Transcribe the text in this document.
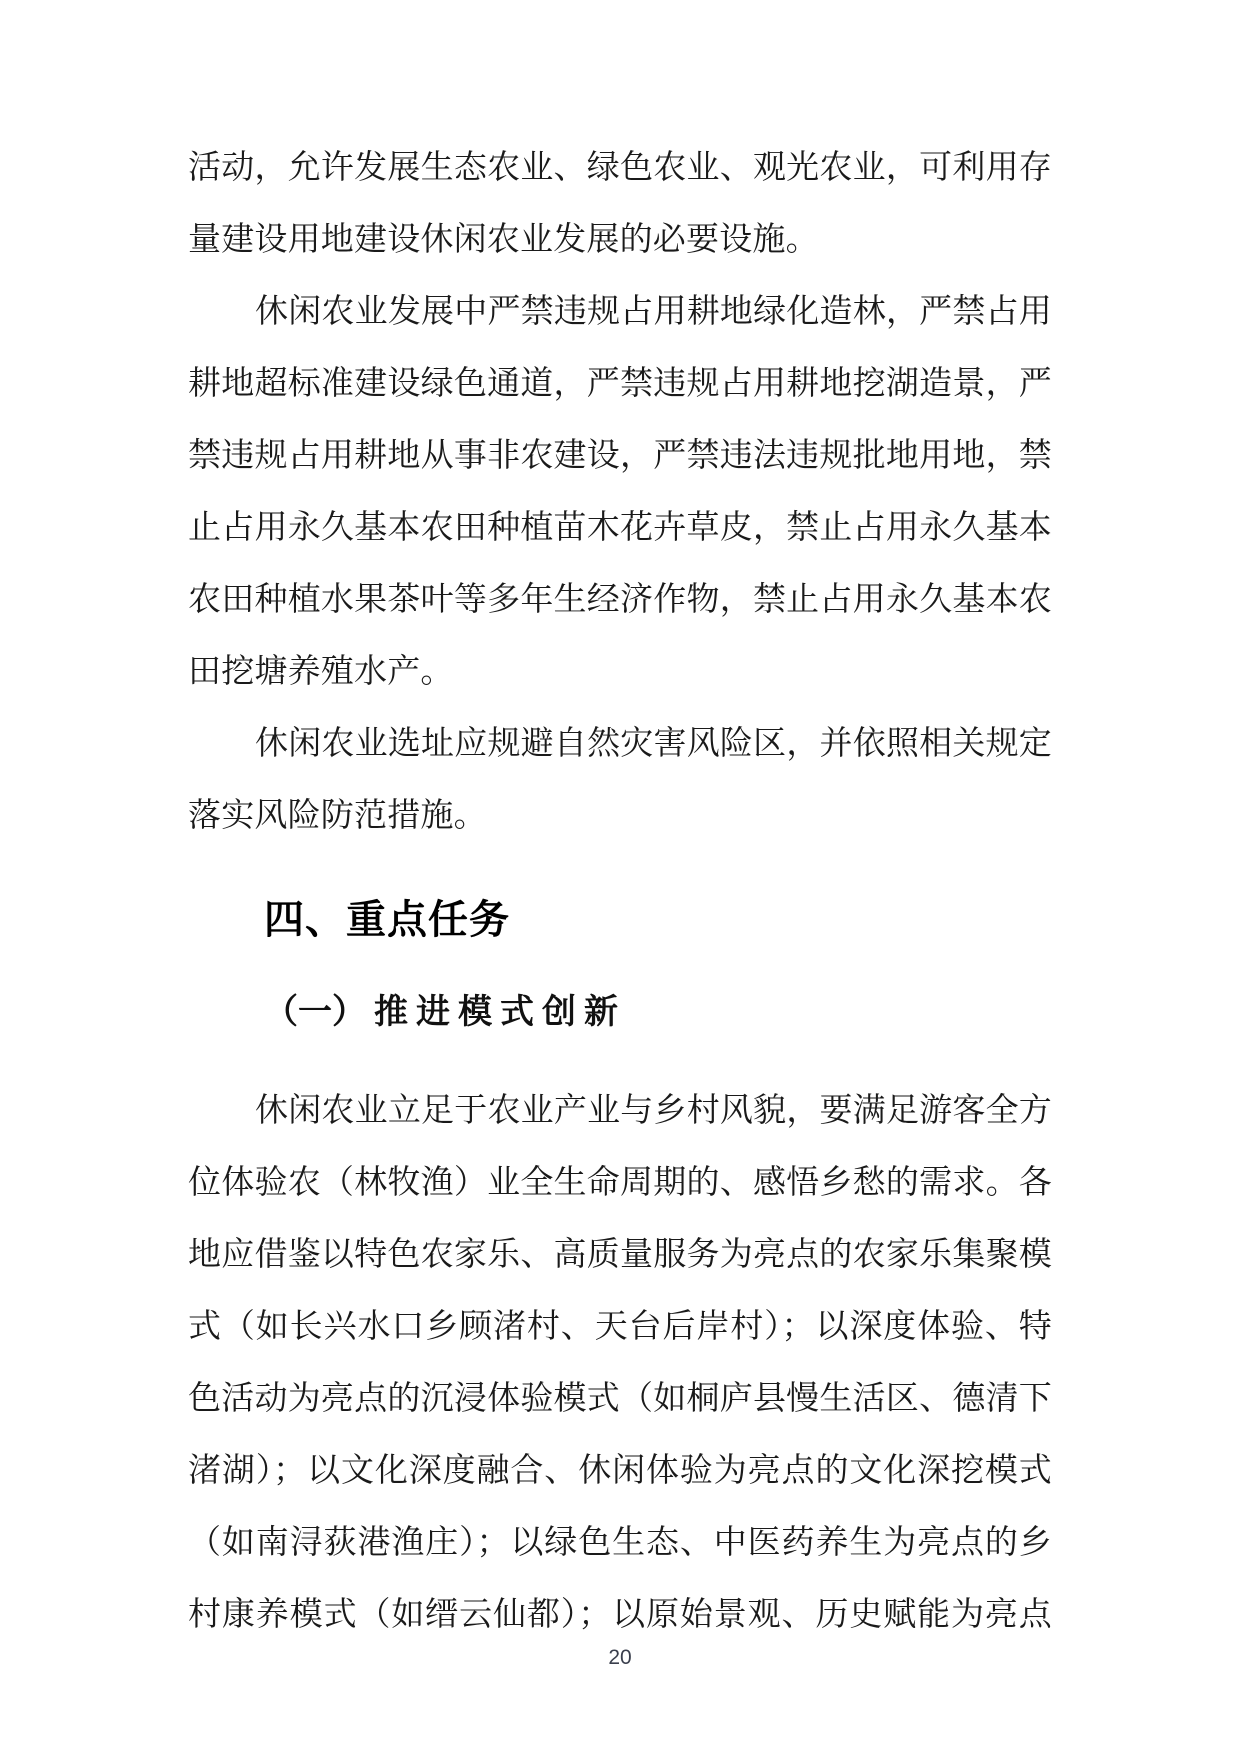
活动，允许发展生态农业、绿色农业、观光农业，可利用存
量建设用地建设休闲农业发展的必要设施。
休闲农业发展中严禁违规占用耕地绿化造林，严禁占用
耕地超标准建设绿色通道，严禁违规占用耕地挖湖造景，严
禁违规占用耕地从事非农建设，严禁违法违规批地用地，禁
止占用永久基本农田种植苗木花卉草皮，禁止占用永久基本
农田种植水果茶叶等多年生经济作物，禁止占用永久基本农
田挖塘养殖水产。
休闲农业选址应规避自然灾害风险区，并依照相关规定
落实风险防范措施。
四、重点任务
（一） 推进模式创新
休闲农业立足于农业产业与乡村风貌，要满足游客全方
位体验农（林牧渔）业全生命周期的、感悟乡愁的需求。各
地应借鉴以特色农家乐、高质量服务为亮点的农家乐集聚模
式（如长兴水口乡顾渚村、天台后岸村）；以深度体验、特
色活动为亮点的沉浸体验模式（如桐庐县慢生活区、德清下
渚湖）；以文化深度融合、休闲体验为亮点的文化深挖模式
（如南浔荻港渔庄）；以绿色生态、中医药养生为亮点的乡
村康养模式（如缙云仙都）；以原始景观、历史赋能为亮点
20
